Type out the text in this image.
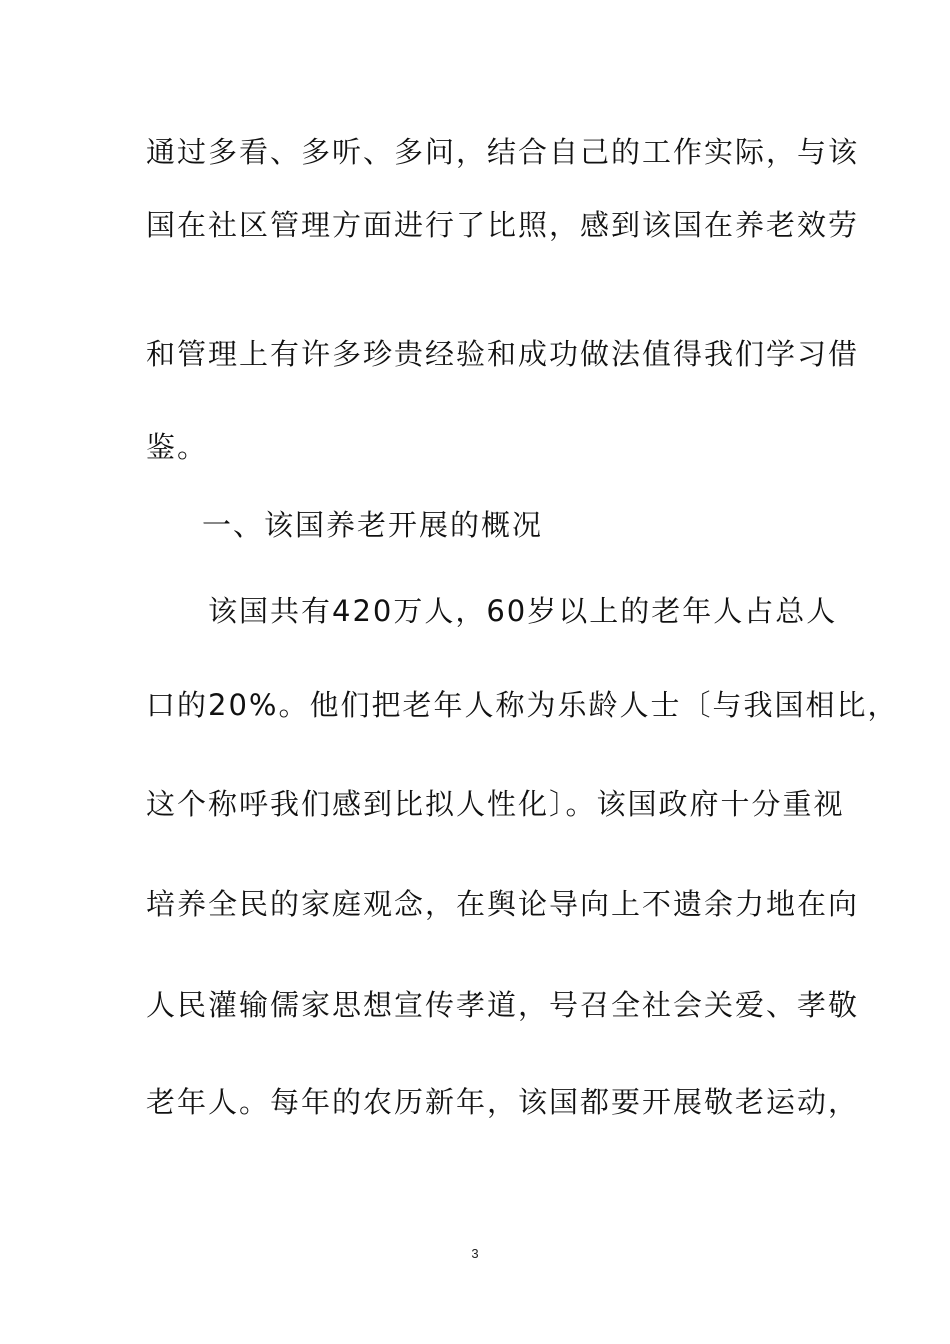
通过多看、多听、多问，结合自己的工作实际，与该
国在社区管理方面进行了比照，感到该国在养老效劳
和管理上有许多珍贵经验和成功做法值得我们学习借
鉴。
一、该国养老开展的概况
该国共有420万人，60岁以上的老年人占总人
口的20%。他们把老年人称为乐龄人士〔与我国相比，
这个称呼我们感到比拟人性化〕。该国政府十分重视
培养全民的家庭观念，在舆论导向上不遗余力地在向
人民灌输儒家思想宣传孝道，号召全社会关爱、孝敬
老年人。每年的农历新年，该国都要开展敬老运动，
3
